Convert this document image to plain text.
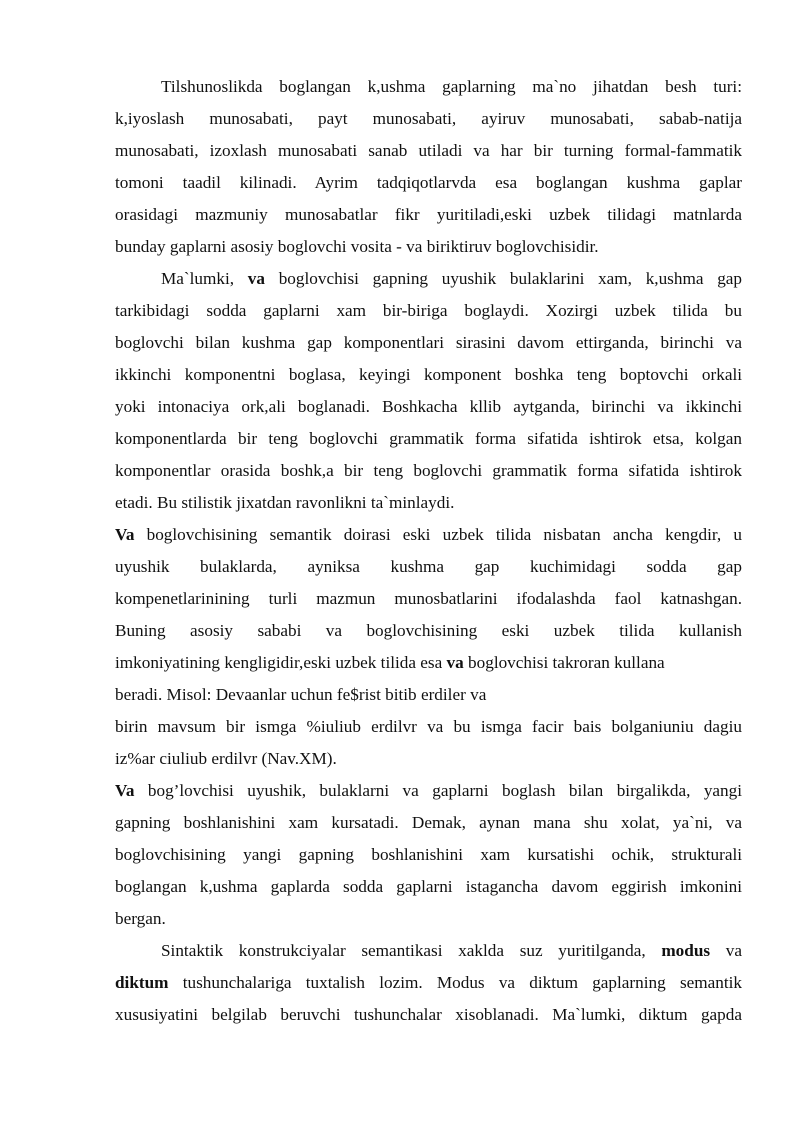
Tilshunoslikda boglangan k,ushma gaplarning ma`no jihatdan besh turi:
k,iyoslash munosabati, payt munosabati, ayiruv munosabati, sabab-natija
munosabati, izoxlash munosabati sanab utiladi va har bir turning formal-fammatik
tomoni taadil kilinadi. Ayrim tadqiqotlarvda esa boglangan kushma gaplar
orasidagi mazmuniy munosabatlar fikr yuritiladi,eski uzbek tilidagi matnlarda
bunday gaplarni asosiy boglovchi vosita - va biriktiruv boglovchisidir.
Ma`lumki, va boglovchisi gapning uyushik bulaklarini xam, k,ushma gap
tarkibidagi sodda gaplarni xam bir-biriga boglaydi. Xozirgi uzbek tilida bu
boglovchi bilan kushma gap komponentlari sirasini davom ettirganda, birinchi va
ikkinchi komponentni boglasa, keyingi komponent boshka teng boptovchi orkali
yoki intonaciya ork,ali boglanadi. Boshkacha kllib aytganda, birinchi va ikkinchi
komponentlarda bir teng boglovchi grammatik forma sifatida ishtirok etsa, kolgan
komponentlar orasida boshk,a bir teng boglovchi grammatik forma sifatida ishtirok
etadi. Bu stilistik jixatdan ravonlikni ta`minlaydi.
Va boglovchisining semantik doirasi eski uzbek tilida nisbatan ancha kengdir, u
uyushik bulaklarda, ayniksa kushma gap kuchimidagi sodda gap
kompenetlarinining turli mazmun munosbatlarini ifodalashda faol katnashgan.
Buning asosiy sababi va boglovchisining eski uzbek tilida kullanish
imkoniyatining kengligidir,eski uzbek tilida esa va boglovchisi takroran kullana
beradi. Misol: Devaanlar uchun fe$rist bitib erdiler va
birin mavsum bir ismga %iuliub erdilvr va bu ismga facir bais bolganiuniu dagiu
iz%ar ciuliub erdilvr (Nav.XM).
Va bog’lovchisi uyushik, bulaklarni va gaplarni boglash bilan birgalikda, yangi
gapning boshlanishini xam kursatadi. Demak, aynan mana shu xolat, ya`ni, va
boglovchisining yangi gapning boshlanishini xam kursatishi ochik, strukturali
boglangan k,ushma gaplarda sodda gaplarni istagancha davom eggirish imkonini
bergan.
Sintaktik konstrukciyalar semantikasi xaklda suz yuritilganda, modus va
diktum tushunchalariga tuxtalish lozim. Modus va diktum gaplarning semantik
xususiyatini belgilab beruvchi tushunchalar xisoblanadi. Ma`lumki, diktum gapda
